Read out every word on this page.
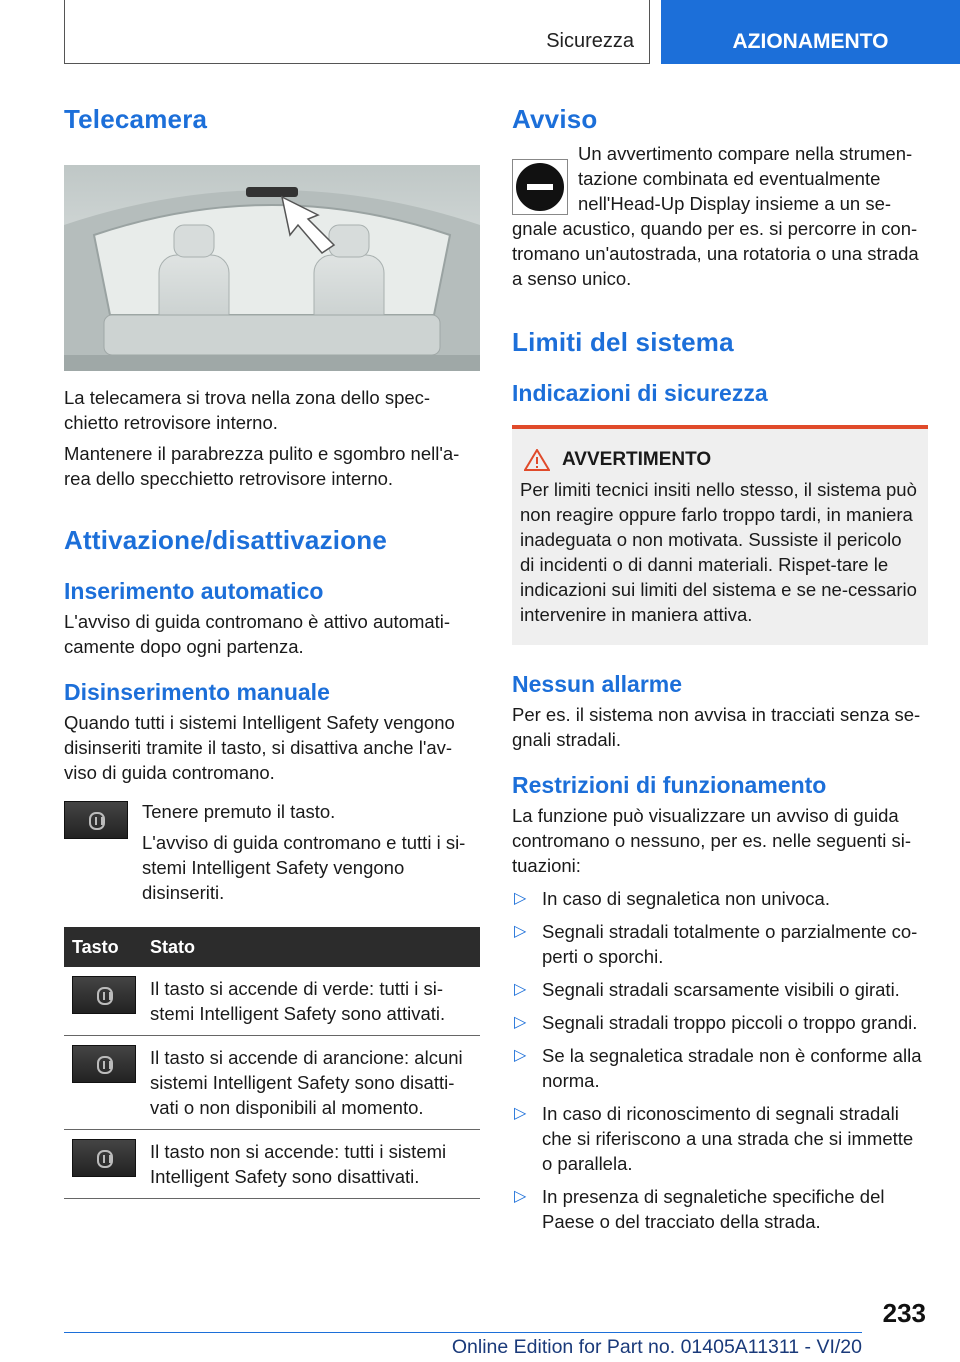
Sicurezza	AZIONAMENTO
Telecamera

La telecamera si trova nella zona dello spec-chietto retrovisore interno.

Mantenere il parabrezza pulito e sgombro nell'a-rea dello specchietto retrovisore interno.

Attivazione/disattivazione
Inserimento automatico

L'avviso di guida contromano è attivo automati-camente dopo ogni partenza.

Disinserimento manuale

Quando tutti i sistemi Intelligent Safety vengono disinseriti tramite il tasto, si disattiva anche l'av-viso di guida contromano.

Tenere premuto il tasto.

L'avviso di guida contromano e tutti i si-stemi Intelligent Safety vengono disinseriti.

Tasto	Stato

	Il tasto si accende di verde: tutti i si-stemi Intelligent Safety sono attivati.

	Il tasto si accende di arancione: alcuni sistemi Intelligent Safety sono disatti-vati o non disponibili al momento.

	Il tasto non si accende: tutti i sistemi Intelligent Safety sono disattivati.
Avviso

Un avvertimento compare nella strumen-tazione combinata ed eventualmente nell'Head-Up Display insieme a un se-gnale acustico, quando per es. si percorre in con-tromano un'autostrada, una rotatoria o una strada a senso unico.

Limiti del sistema
Indicazioni di sicurezza
AVVERTIMENTO

Per limiti tecnici insiti nello stesso, il sistema può non reagire oppure farlo troppo tardi, in maniera inadeguata o non motivata. Sussiste il pericolo di incidenti o di danni materiali. Rispet-tare le indicazioni sui limiti del sistema e se ne-cessario intervenire in maniera attiva.

Nessun allarme

Per es. il sistema non avvisa in tracciati senza se-gnali stradali.

Restrizioni di funzionamento

La funzione può visualizzare un avviso di guida contromano o nessuno, per es. nelle seguenti si-tuazioni:

▷ In caso di segnaletica non univoca.
▷ Segnali stradali totalmente o parzialmente co-perti o sporchi.
▷ Segnali stradali scarsamente visibili o girati.
▷ Segnali stradali troppo piccoli o troppo grandi.
▷ Se la segnaletica stradale non è conforme alla norma.
▷ In caso di riconoscimento di segnali stradali che si riferiscono a una strada che si immette o parallela.
▷ In presenza di segnaletiche specifiche del Paese o del tracciato della strada.
233
Online Edition for Part no. 01405A11311 - VI/20
